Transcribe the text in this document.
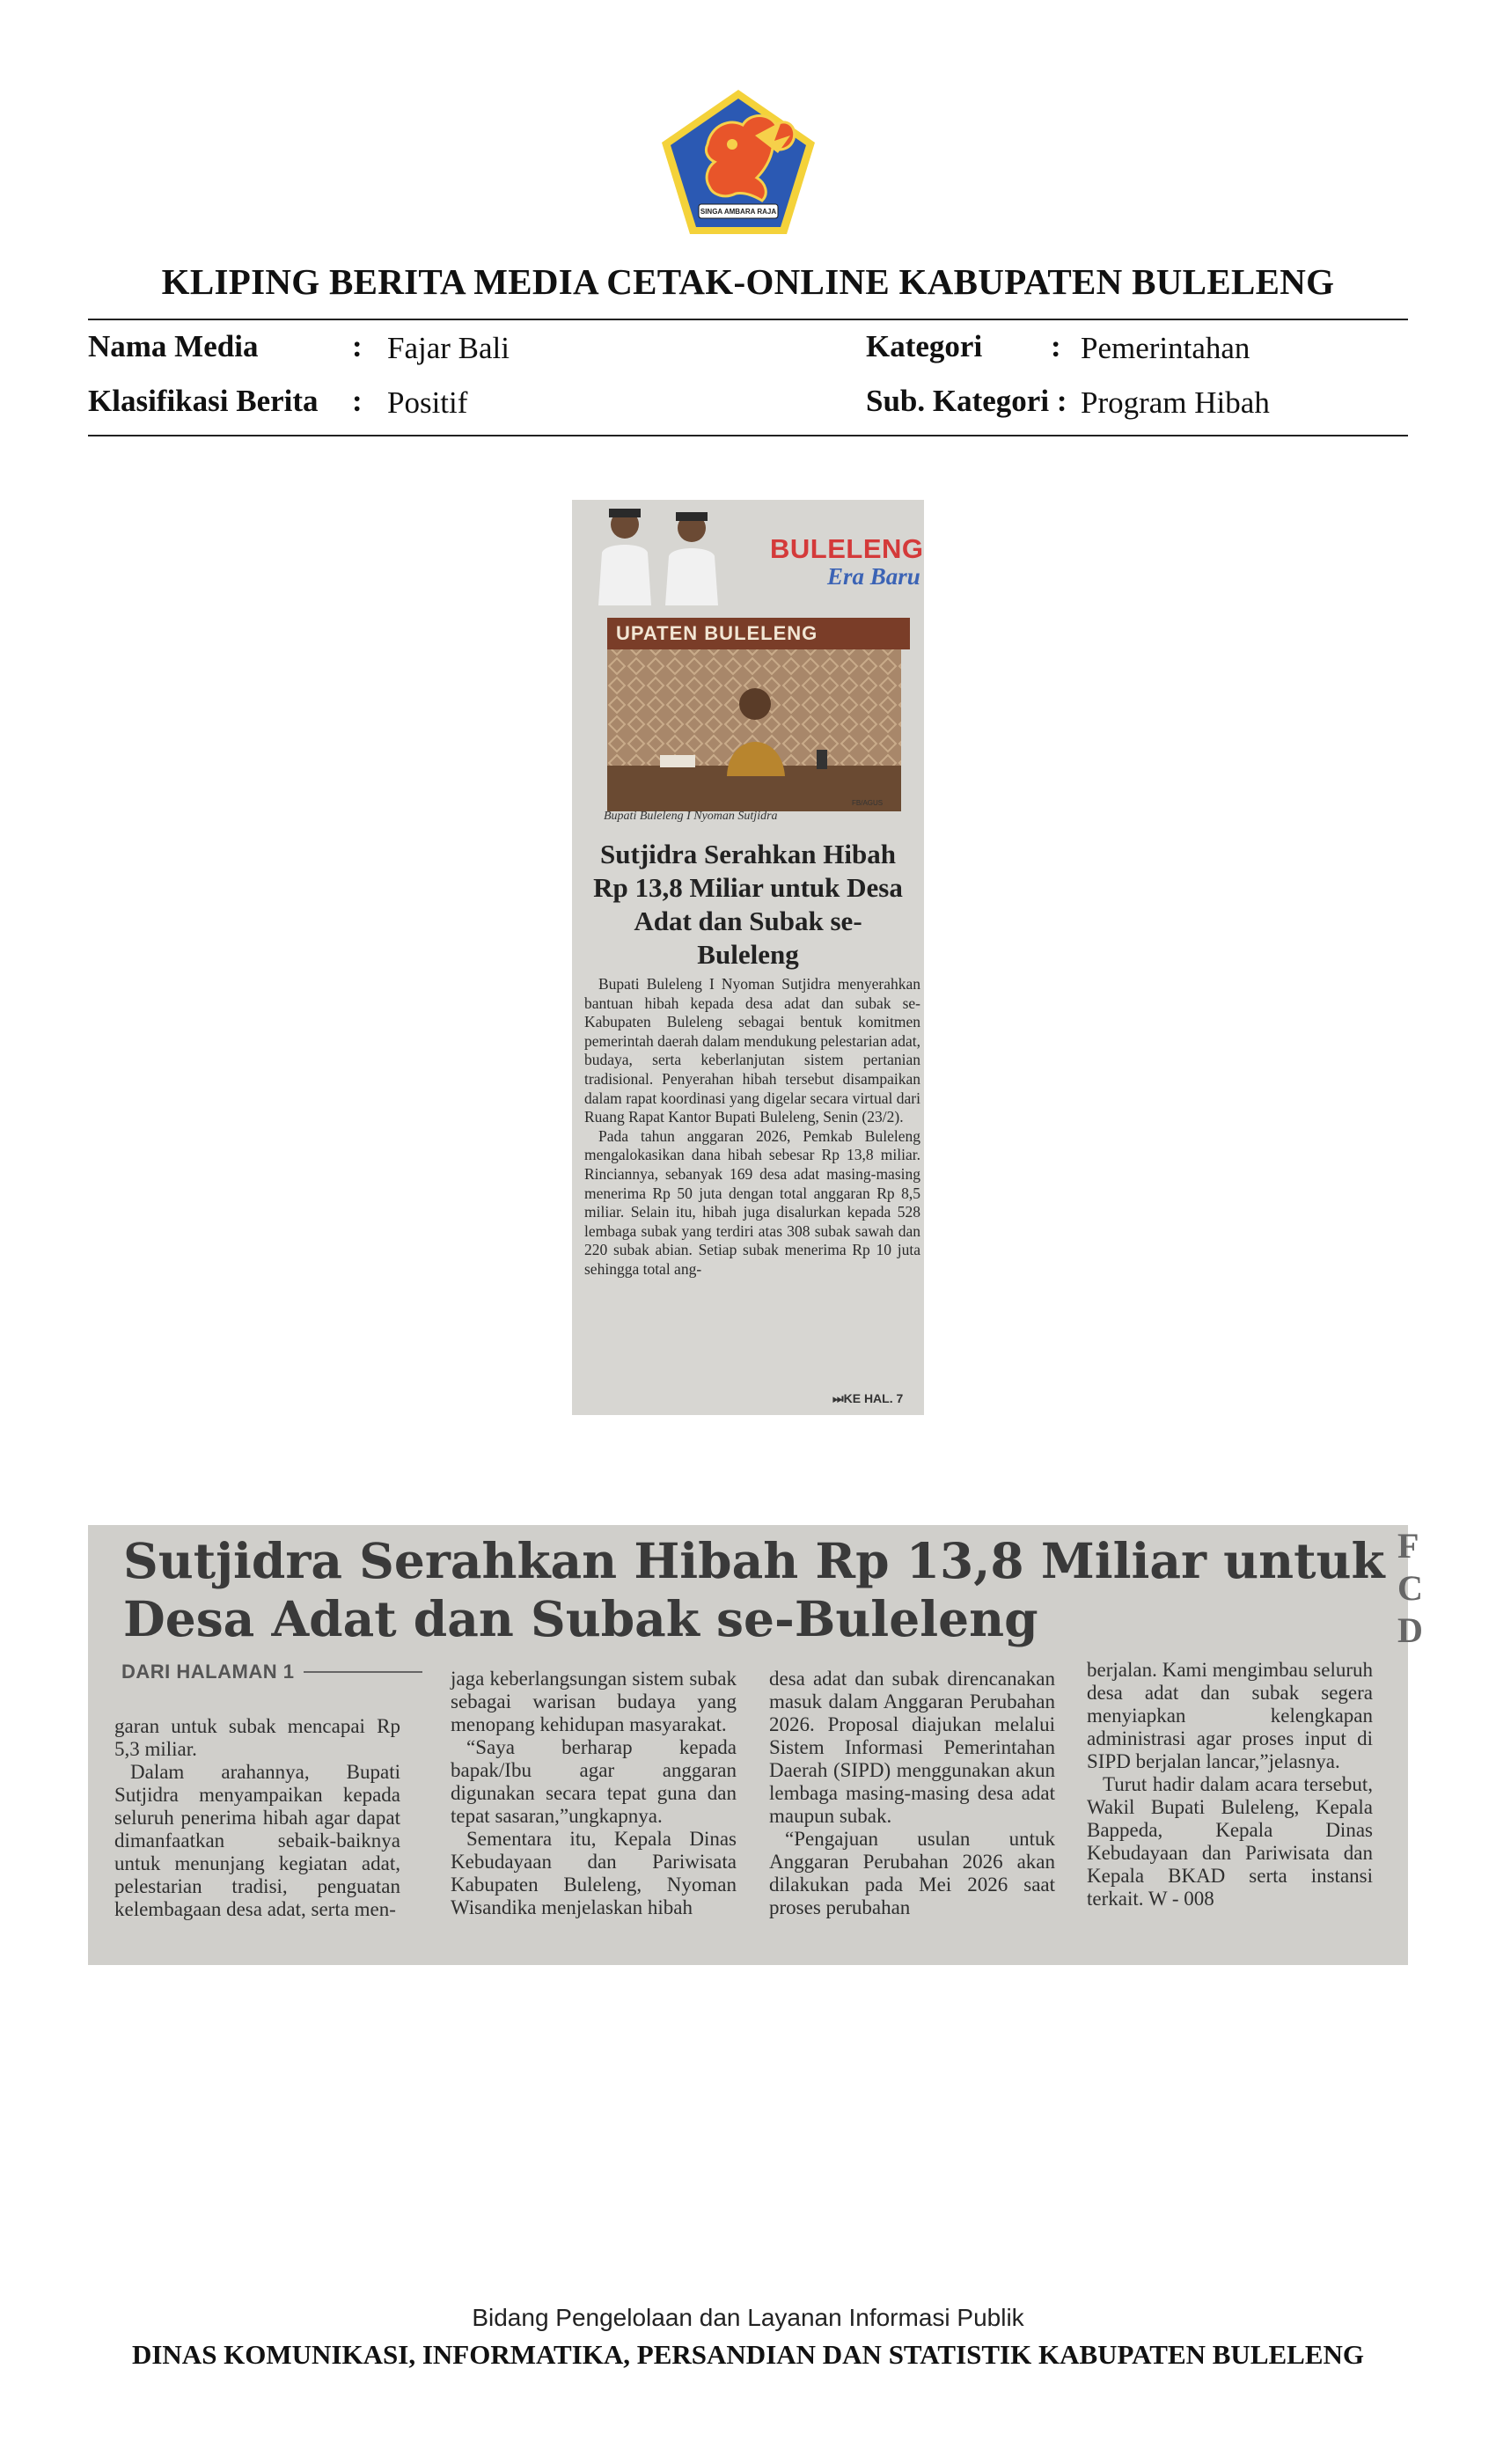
SINGA AMBARA RAJA
KLIPING BERITA MEDIA CETAK-ONLINE KABUPATEN BULELENG
Nama Media	: Fajar Bali	Kategori : Pemerintahan
Klasifikasi Berita : Positif	Sub. Kategori : Program Hibah
BULELENG
Era Baru
UPATEN BULELENG
FB/AGUS
Bupati Buleleng I Nyoman Sutjidra
Sutjidra Serahkan Hibah Rp 13,8 Miliar untuk Desa Adat dan Subak se-Buleleng

Bupati Buleleng I Nyoman Sutjidra menyerahkan bantuan hibah kepada desa adat dan subak se- Kabupaten Buleleng sebagai bentuk komitmen pemerintah daerah dalam mendukung pelestarian adat, budaya, serta keberlanjutan sistem pertanian tradisional. Penyerahan hibah tersebut disampaikan dalam rapat koordinasi yang digelar secara virtual dari Ruang Rapat Kantor Bupati Buleleng, Senin (23/2).

Pada tahun anggaran 2026, Pemkab Buleleng mengalokasikan dana hibah sebesar Rp 13,8 miliar. Rinciannya, sebanyak 169 desa adat masing-masing menerima Rp 50 juta dengan total anggaran Rp 8,5 miliar. Selain itu, hibah juga disalurkan kepada 528 lembaga subak yang terdiri atas 308 subak sawah dan 220 subak abian. Setiap subak menerima Rp 10 juta sehingga total ang-

⏭KE HAL. 7
Sutjidra Serahkan Hibah Rp 13,8 Miliar untuk Desa Adat dan Subak se-Buleleng
DARI HALAMAN 1
F
C
D

garan untuk subak mencapai Rp 5,3 miliar.

Dalam arahannya, Bupati Sutjidra menyampaikan kepada seluruh penerima hibah agar dapat dimanfaatkan sebaik-baiknya untuk menunjang kegiatan adat, pelestarian tradisi, penguatan kelembagaan desa adat, serta men-

jaga keberlangsungan sistem subak sebagai warisan budaya yang menopang kehidupan masyarakat.

“Saya berharap kepada bapak/Ibu agar anggaran digunakan secara tepat guna dan tepat sasaran,”ungkapnya.

Sementara itu, Kepala Dinas Kebudayaan dan Pariwisata Kabupaten Buleleng, Nyoman Wisandika menjelaskan hibah

desa adat dan subak direncanakan masuk dalam Anggaran Perubahan 2026. Proposal diajukan melalui Sistem Informasi Pemerintahan Daerah (SIPD) menggunakan akun lembaga masing-masing desa adat maupun subak.

“Pengajuan usulan untuk Anggaran Perubahan 2026 akan dilakukan pada Mei 2026 saat proses perubahan

berjalan. Kami mengimbau seluruh desa adat dan subak segera menyiapkan kelengkapan administrasi agar proses input di SIPD berjalan lancar,”jelasnya.

Turut hadir dalam acara tersebut, Wakil Bupati Buleleng, Kepala Bappeda, Kepala Dinas Kebudayaan dan Pariwisata dan Kepala BKAD serta instansi terkait. W - 008

Bidang Pengelolaan dan Layanan Informasi Publik
DINAS KOMUNIKASI, INFORMATIKA, PERSANDIAN DAN STATISTIK KABUPATEN BULELENG
